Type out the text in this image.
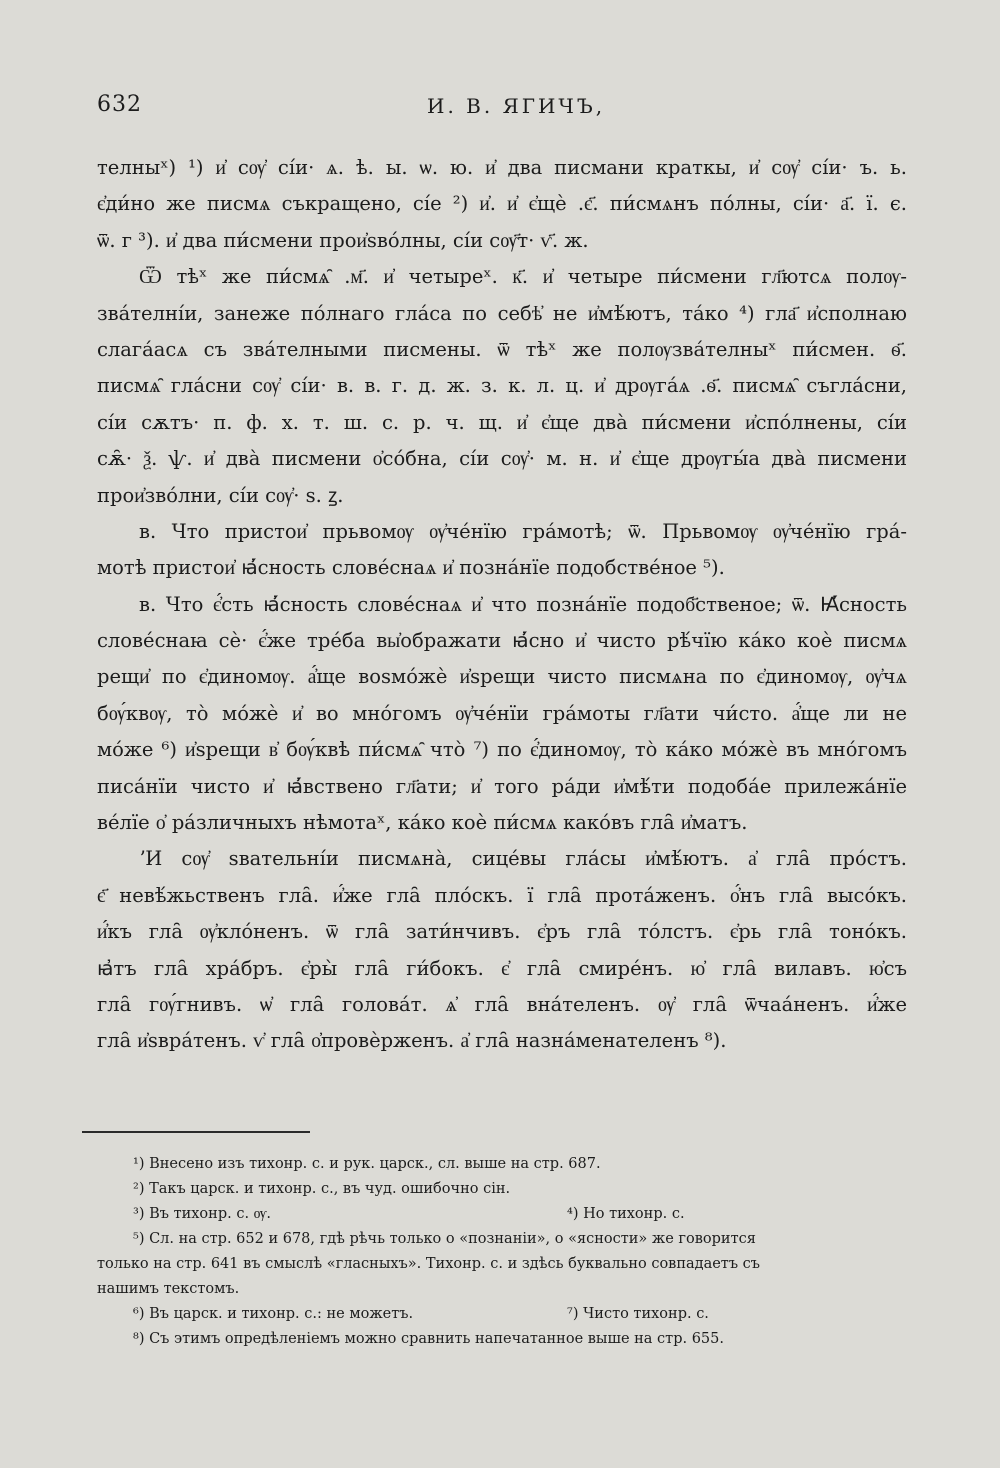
632	И. В. ЯГИЧЪ,
телныˣ) ¹) и҆ сѹ҆ сі́и· ѧ. ѣ. ы. ѡ. ю. и҆ два писмани краткы, и҆ сѹ҆ сі́и· ъ. ь.
є҆ди́но же писмѧ съкращено, сі́е ²) и҆. и҆ є҆щѐ .є҃. пи́смѧнъ по́лны, сі́и· а҃. ї. є.
ѿ. г ³). и҆ два пи́смени прои҆ѕво́лны, сі́и сѹ҃т· ѵ҃. ж.
Ѿ тѣˣ же пи́смѧ̑ .м҃. и҆ четыреˣ. к҃. и҆ четыре пи́смени гл҃ютсѧ полѹ-
зва́телні́и, занеже по́лнаго гла́са по себѣ҆ не и҆мѣ́ютъ, та́ко ⁴) гла҃ и҆сполнаю
слага́асѧ съ зва́телными писмены. ѿ тѣˣ же полѹзва́телныˣ пи́смен. ѳ҃.
писмѧ̑ гла́сни сѹ҆ сі́и· в. в. г. д. ж. з. к. л. ц. и҆ дрѹга́ѧ .ѳ҃. писмѧ̑ съгла́сни,
сі́и сѫтъ· п. ф. х. т. ш. с. р. ч. щ. и҆ є҆ще два̀ пи́смени и҆спо́лнены, сі́и
сѫ̑· ѯ. ѱ. и҆ два̀ писмени о҆со́бна, сі́и сѹ҆· м. н. и҆ є҆ще дрѹгы́а два̀ писмени
прои҆зво́лни, сі́и сѹ҆· ѕ. ꙁ.
в. Что пристои҆ прьвомѹ ѹ҆че́нїю гра́мотѣ; ѿ. Прьвомѹ ѹ҆че́нїю гра́-
мотѣ пристои҆ ꙗ҆́сность слове́снаѧ и҆ позна́нїе подобстве́ное ⁵).
в. Что є҆́сть ꙗ҆́сность слове́снаѧ и҆ что позна́нїе подоб҃ственое; ѿ. Ꙗ҆́сность
слове́снаꙗ сѐ· є҆́же тре́ба вы҆ображати ꙗ҆́сно и҆ чисто рѣ́чїю ка́ко коѐ писмѧ
рещи҆ по є҆диномѹ. а҆́ще воѕмо́жѐ и҆ѕрещи чисто писмѧна по є҆диномѹ, ѹ҆чѧ
бѹ́квѹ, то̀ мо́жѐ и҆ во мно́гомъ ѹ҆че́нїи гра́моты гл҃ати чи́сто. а҆́ще ли не
мо́же ⁶) и҆ѕрещи в҆ бѹ́квѣ пи́смѧ̑ что̀ ⁷) по є҆́диномѹ, то̀ ка́ко мо́жѐ въ мно́гомъ
писа́нїи чисто и҆ ꙗ҆́вствено гл҃ати; и҆ того ра́ди и҆мѣ́ти подоба́е прилежа́нїе
ве́лїе о҆ ра́зличныхъ нѣмотаˣ, ка́ко коѐ пи́смѧ како́въ гла̑ и҆матъ.
ʼИ сѹ҆ ѕвательні́и писмѧна̀, сице́вы гла́сы и҆мѣ́ютъ. а҆ гла̑ про́стъ.
є҃ невѣ́жьственъ гла̑. и҆́же гла̑ пло́скъ. ї гла̑ прота́женъ. о҆́нъ гла̑ высо́къ.
и҆́къ гла̑ ѹ҆кло́ненъ. ѿ гла̑ зати́нчивъ. є҆ръ гла̑ то́лстъ. є҆рь гла̑ тоно́къ.
ꙗ҆тъ гла̑ хра́бръ. є҆ры̀ гла̑ ги́бокъ. є҆ гла̑ смире́нъ. ю҆ гла̑ вилавъ. ю҆съ
гла̑ гѹ́гнивъ. ѡ҆ гла̑ голова́т. ѧ҆ гла̑ вна́теленъ. ѹ҆ гла̑ ѿчаа́ненъ. и҆́же
гла̑ и҆ѕвра́тенъ. ѵ҆ гла̑ о҆провѐрженъ. а҆ гла̑ назна́менателенъ ⁸).
¹) Внесено изъ тихонр. с. и рук. царск., сл. выше на стр. 687.
²) Такъ царск. и тихонр. с., въ чуд. ошибочно сін.
³) Въ тихонр. с. ѹ.	⁴) Но тихонр. с.
⁵) Сл. на стр. 652 и 678, гдѣ рѣчь только о «познаніи», о «ясности» же говорится
только на стр. 641 въ смыслѣ «гласныхъ». Тихонр. с. и здѣсь буквально совпадаетъ съ
нашимъ текстомъ.
⁶) Въ царск. и тихонр. с.: не можетъ.	⁷) Чисто тихонр. с.
⁸) Съ этимъ опредѣленіемъ можно сравнить напечатанное выше на стр. 655.
